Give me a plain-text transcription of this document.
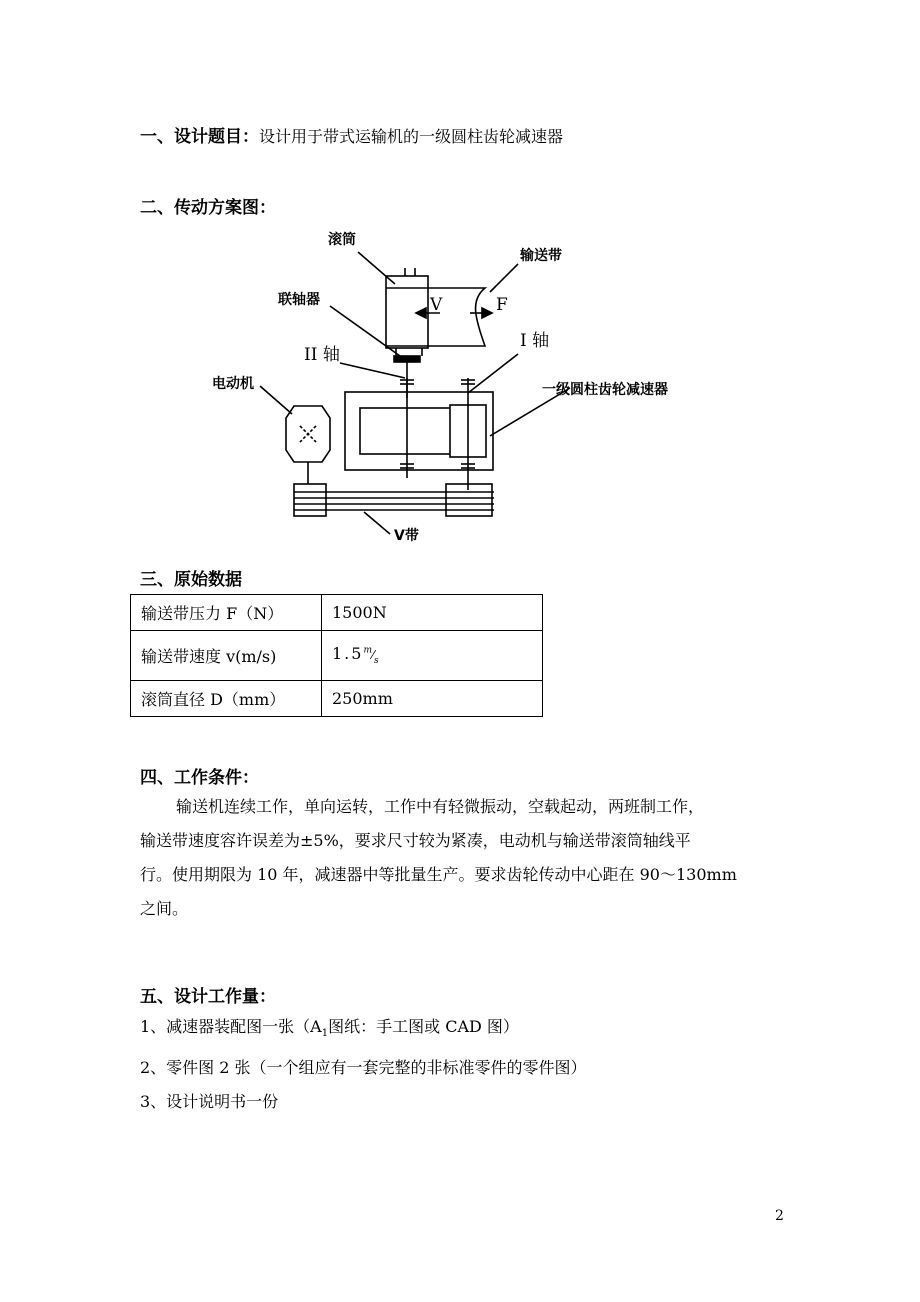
一、设计题目：设计用于带式运输机的一级圆柱齿轮减速器
二、传动方案图：
滚筒
输送带
联轴器	V	F
II 轴
I 轴
电动机	一级圆柱齿轮减速器
V带
三、原始数据
输送带压力 F（N）	1500N
输送带速度 v(m/s)	$1.5^m⁄_s$
滚筒直径 D（mm）	250mm
四、工作条件：
输送机连续工作，单向运转，工作中有轻微振动，空载起动，两班制工作，
输送带速度容许误差为±5%，要求尺寸较为紧凑，电动机与输送带滚筒轴线平
行。使用期限为 10 年，减速器中等批量生产。要求齿轮传动中心距在 90～130mm
之间。
五、设计工作量：
1、减速器装配图一张（$A_1$图纸：手工图或 CAD 图）
2、零件图 2 张（一个组应有一套完整的非标准零件的零件图）
3、设计说明书一份
2
